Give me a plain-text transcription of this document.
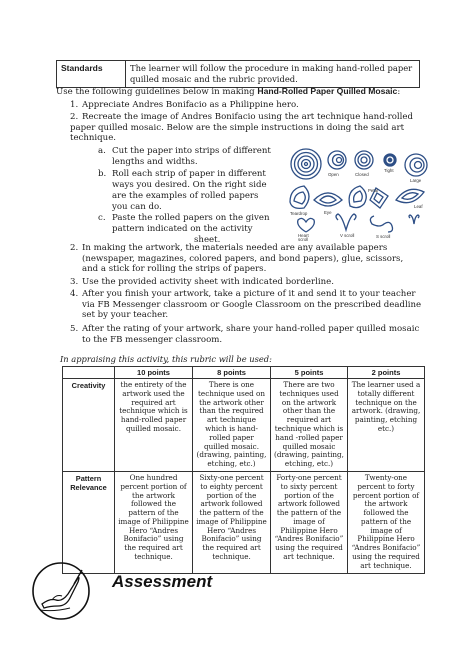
Standards	The learner will follow the procedure in making hand-rolled paper quilled mosaic and the rubric provided.
Use the following guidelines below in making Hand-Rolled Paper Quilled Mosaic:
1. Appreciate Andres Bonifacio as a Philippine hero.
2. Recreate the image of Andres Bonifacio using the art technique hand-rolled
paper quilled mosaic. Below are the simple instructions in doing the said art
technique.
a. Cut the paper into strips of different
lengths and widths.
b. Roll each strip of paper in different
ways you desired. On the right side
are the examples of rolled papers
you can do.
c. Paste the rolled papers on the given
pattern indicated on the activity
sheet.
Open	Closed
Tight
Large
Teardrop	Eye
Petal
Leaf
Heart
scroll
V scroll	S scroll
2. In making the artwork, the materials needed are any available papers
(newspaper, magazines, colored papers, and bond papers), glue, scissors,
and a stick for rolling the strips of papers.
3. Use the provided activity sheet with indicated borderline.
4. After you finish your artwork, take a picture of it and send it to your teacher
via FB Messenger classroom or Google Classroom on the prescribed deadline
set by your teacher.
5. After the rating of your artwork, share your hand-rolled paper quilled mosaic
to the FB messenger classroom.
In appraising this activity, this rubric will be used:
	10 points	8 points	5 points	2 points
Creativity	the entirety of the artwork used the required art technique which is hand-rolled paper quilled mosaic.	There is one technique used on the artwork other than the required art technique which is hand-rolled paper quilled mosaic. (drawing, painting, etching, etc.)	There are two techniques used on the artwork other than the required art technique which is hand -rolled paper quilled mosaic (drawing, painting, etching, etc.)	The learner used a totally different technique on the artwork. (drawing, painting, etching etc.)
Pattern Relevance	One hundred percent portion of the artwork followed the pattern of the image of Philippine Hero “Andres Bonifacio” using the required art technique.	Sixty-one percent to eighty percent portion of the artwork followed the pattern of the image of Philippine Hero “Andres Bonifacio” using the required art technique.	Forty-one percent to sixty percent portion of the artwork followed the pattern of the image of Philippine Hero “Andres Bonifacio” using the required art technique.	Twenty-one percent to forty percent portion of the artwork followed the pattern of the image of Philippine Hero “Andres Bonifacio” using the required art technique.
Assessment
